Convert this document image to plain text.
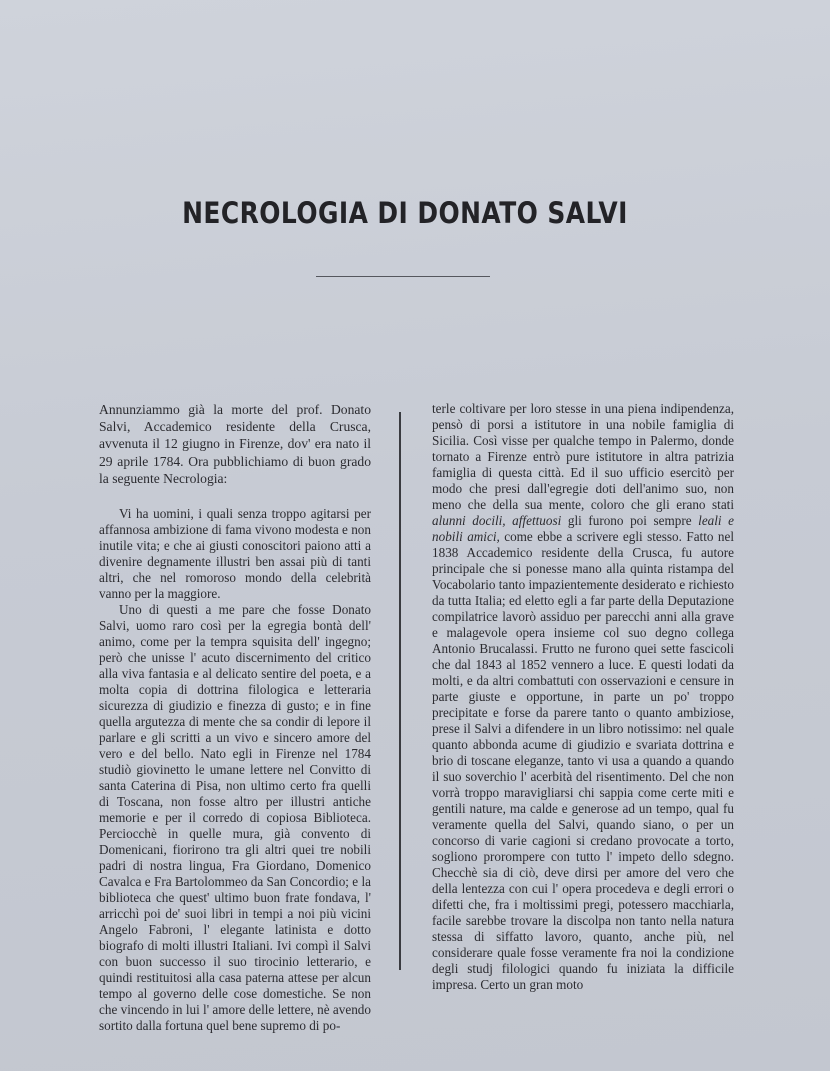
NECROLOGIA DI DONATO SALVI

Annunziammo già la morte del prof. Donato Salvi, Accademico residente della Crusca, avvenuta il 12 giugno in Firenze, dov' era nato il 29 aprile 1784. Ora pubblichiamo di buon grado la seguente Necrologia:

Vi ha uomini, i quali senza troppo agitarsi per affannosa ambizione di fama vivono modesta e non inutile vita; e che ai giusti conoscitori paiono atti a divenire degnamente illustri ben assai più di tanti altri, che nel romoroso mondo della celebrità vanno per la maggiore.

Uno di questi a me pare che fosse Donato Salvi, uomo raro così per la egregia bontà dell' animo, come per la tempra squisita dell' ingegno; però che unisse l' acuto discernimento del critico alla viva fantasia e al delicato sentire del poeta, e a molta copia di dottrina filologica e letteraria sicurezza di giudizio e finezza di gusto; e in fine quella argutezza di mente che sa condir di lepore il parlare e gli scritti a un vivo e sincero amore del vero e del bello. Nato egli in Firenze nel 1784 studiò giovinetto le umane lettere nel Convitto di santa Caterina di Pisa, non ultimo certo fra quelli di Toscana, non fosse altro per illustri antiche memorie e per il corredo di copiosa Biblioteca. Perciocchè in quelle mura, già convento di Domenicani, fiorirono tra gli altri quei tre nobili padri di nostra lingua, Fra Giordano, Domenico Cavalca e Fra Bartolommeo da San Concordio; e la biblioteca che quest' ultimo buon frate fondava, l' arricchì poi de' suoi libri in tempi a noi più vicini Angelo Fabroni, l' elegante latinista e dotto biografo di molti illustri Italiani. Ivi compì il Salvi con buon successo il suo tirocinio letterario, e quindi restituitosi alla casa paterna attese per alcun tempo al governo delle cose domestiche. Se non che vincendo in lui l' amore delle lettere, nè avendo sortito dalla fortuna quel bene supremo di po-

terle coltivare per loro stesse in una piena indipendenza, pensò di porsi a istitutore in una nobile famiglia di Sicilia. Così visse per qualche tempo in Palermo, donde tornato a Firenze entrò pure istitutore in altra patrizia famiglia di questa città. Ed il suo ufficio esercitò per modo che presi dall'egregie doti dell'animo suo, non meno che della sua mente, coloro che gli erano stati alunni docili, affettuosi gli furono poi sempre leali e nobili amici, come ebbe a scrivere egli stesso. Fatto nel 1838 Accademico residente della Crusca, fu autore principale che si ponesse mano alla quinta ristampa del Vocabolario tanto impazientemente desiderato e richiesto da tutta Italia; ed eletto egli a far parte della Deputazione compilatrice lavorò assiduo per parecchi anni alla grave e malagevole opera insieme col suo degno collega Antonio Brucalassi. Frutto ne furono quei sette fascicoli che dal 1843 al 1852 vennero a luce. E questi lodati da molti, e da altri combattuti con osservazioni e censure in parte giuste e opportune, in parte un po' troppo precipitate e forse da parere tanto o quanto ambiziose, prese il Salvi a difendere in un libro notissimo: nel quale quanto abbonda acume di giudizio e svariata dottrina e brio di toscane eleganze, tanto vi usa a quando a quando il suo soverchio l' acerbità del risentimento. Del che non vorrà troppo maravigliarsi chi sappia come certe miti e gentili nature, ma calde e generose ad un tempo, qual fu veramente quella del Salvi, quando siano, o per un concorso di varie cagioni si credano provocate a torto, sogliono prorompere con tutto l' impeto dello sdegno. Checchè sia di ciò, deve dirsi per amore del vero che della lentezza con cui l' opera procedeva e degli errori o difetti che, fra i moltissimi pregi, potessero macchiarla, facile sarebbe trovare la discolpa non tanto nella natura stessa di siffatto lavoro, quanto, anche più, nel considerare quale fosse veramente fra noi la condizione degli studj filologici quando fu iniziata la difficile impresa. Certo un gran moto
